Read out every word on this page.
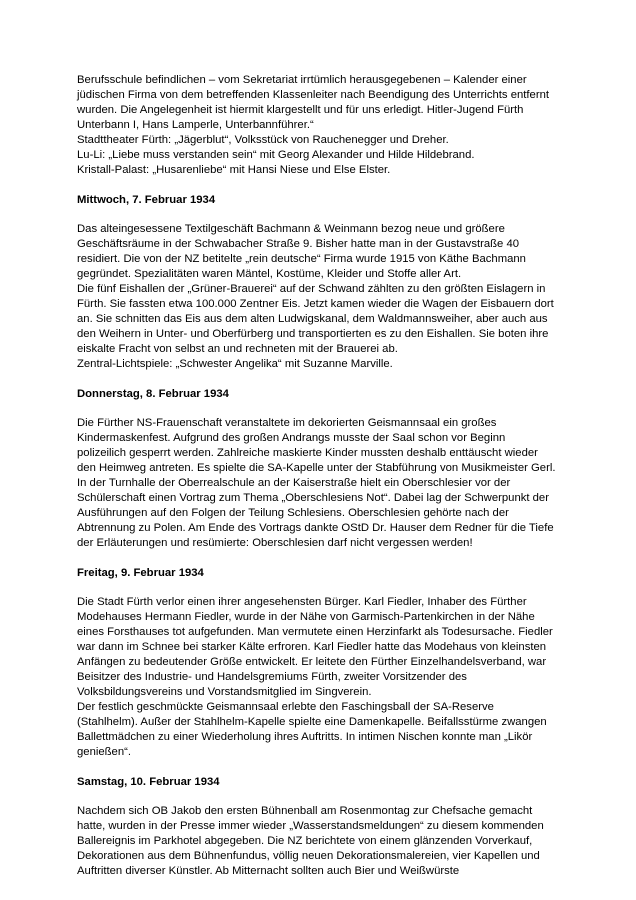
Berufsschule befindlichen – vom Sekretariat irrtümlich herausgegebenen – Kalender einer jüdischen Firma von dem betreffenden Klassenleiter nach Beendigung des Unterrichts entfernt wurden. Die Angelegenheit ist hiermit klargestellt und für uns erledigt. Hitler-Jugend Fürth Unterbann I, Hans Lamperle, Unterbannführer.“

Stadttheater Fürth: „Jägerblut“, Volksstück von Rauchenegger und Dreher.

Lu-Li: „Liebe muss verstanden sein“ mit Georg Alexander und Hilde Hildebrand.

Kristall-Palast: „Husarenliebe“ mit Hansi Niese und Else Elster.

Mittwoch, 7. Februar 1934

Das alteingesessene Textilgeschäft Bachmann & Weinmann bezog neue und größere Geschäftsräume in der Schwabacher Straße 9. Bisher hatte man in der Gustavstraße 40 residiert. Die von der NZ betitelte „rein deutsche“ Firma wurde 1915 von Käthe Bachmann gegründet. Spezialitäten waren Mäntel, Kostüme, Kleider und Stoffe aller Art.

Die fünf Eishallen der „Grüner-Brauerei“ auf der Schwand zählten zu den größten Eislagern in Fürth. Sie fassten etwa 100.000 Zentner Eis. Jetzt kamen wieder die Wagen der Eisbauern dort an. Sie schnitten das Eis aus dem alten Ludwigskanal, dem Waldmannsweiher, aber auch aus den Weihern in Unter- und Oberfürberg und transportierten es zu den Eishallen. Sie boten ihre eiskalte Fracht von selbst an und rechneten mit der Brauerei ab.

Zentral-Lichtspiele: „Schwester Angelika“ mit Suzanne Marville.

Donnerstag, 8. Februar 1934

Die Fürther NS-Frauenschaft veranstaltete im dekorierten Geismannsaal ein großes Kindermaskenfest. Aufgrund des großen Andrangs musste der Saal schon vor Beginn polizeilich gesperrt werden. Zahlreiche maskierte Kinder mussten deshalb enttäuscht wieder den Heimweg antreten. Es spielte die SA-Kapelle unter der Stabführung von Musikmeister Gerl.

In der Turnhalle der Oberrealschule an der Kaiserstraße hielt ein Oberschlesier vor der Schülerschaft einen Vortrag zum Thema „Oberschlesiens Not“. Dabei lag der Schwerpunkt der Ausführungen auf den Folgen der Teilung Schlesiens. Oberschlesien gehörte nach der Abtrennung zu Polen. Am Ende des Vortrags dankte OStD Dr. Hauser dem Redner für die Tiefe der Erläuterungen und resümierte: Oberschlesien darf nicht vergessen werden!

Freitag, 9. Februar 1934

Die Stadt Fürth verlor einen ihrer angesehensten Bürger. Karl Fiedler, Inhaber des Fürther Modehauses Hermann Fiedler, wurde in der Nähe von Garmisch-Partenkirchen in der Nähe eines Forsthauses tot aufgefunden. Man vermutete einen Herzinfarkt als Todesursache. Fiedler war dann im Schnee bei starker Kälte erfroren. Karl Fiedler hatte das Modehaus von kleinsten Anfängen zu bedeutender Größe entwickelt. Er leitete den Fürther Einzelhandelsverband, war Beisitzer des Industrie- und Handelsgremiums Fürth, zweiter Vorsitzender des Volksbildungsvereins und Vorstandsmitglied im Singverein.

Der festlich geschmückte Geismannsaal erlebte den Faschingsball der SA-Reserve (Stahlhelm). Außer der Stahlhelm-Kapelle spielte eine Damenkapelle. Beifallsstürme zwangen Ballettmädchen zu einer Wiederholung ihres Auftritts. In intimen Nischen konnte man „Likör genießen“.

Samstag, 10. Februar 1934

Nachdem sich OB Jakob den ersten Bühnenball am Rosenmontag zur Chefsache gemacht hatte, wurden in der Presse immer wieder „Wasserstandsmeldungen“ zu diesem kommenden Ballereignis im Parkhotel abgegeben. Die NZ berichtete von einem glänzenden Vorverkauf, Dekorationen aus dem Bühnenfundus, völlig neuen Dekorationsmalereien, vier Kapellen und Auftritten diverser Künstler. Ab Mitternacht sollten auch Bier und Weißwürste
